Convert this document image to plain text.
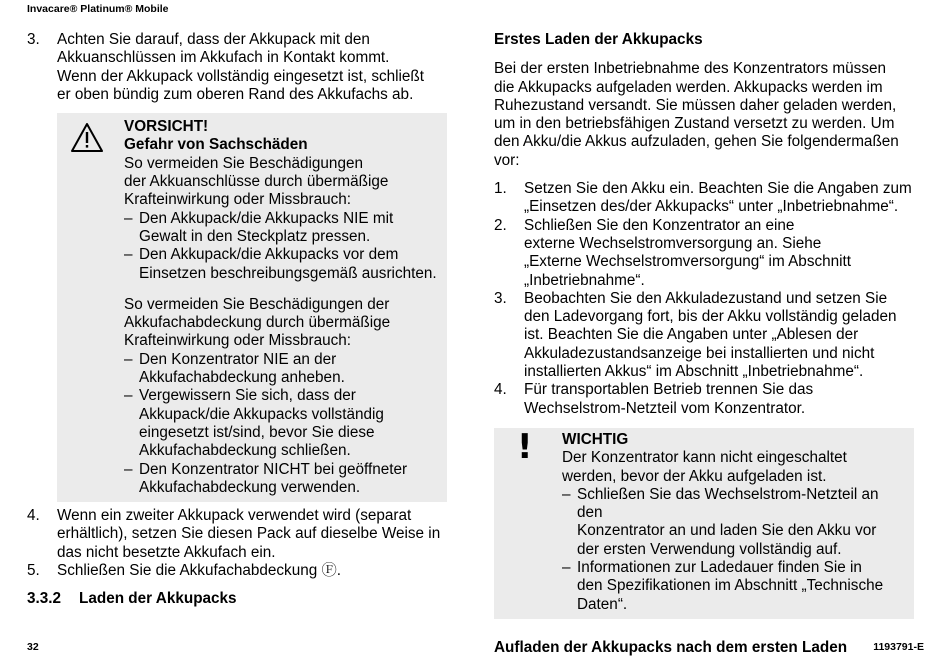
Invacare® Platinum® Mobile
3. Achten Sie darauf, dass der Akkupack mit den
Akkuanschlüssen im Akkufach in Kontakt kommt.
Wenn der Akkupack vollständig eingesetzt ist, schließt
er oben bündig zum oberen Rand des Akkufachs ab.
VORSICHT!
Gefahr von Sachschäden
So vermeiden Sie Beschädigungen
der Akkuanschlüsse durch übermäßige
Krafteinwirkung oder Missbrauch:
– Den Akkupack/die Akkupacks NIE mit
Gewalt in den Steckplatz pressen.
– Den Akkupack/die Akkupacks vor dem
Einsetzen beschreibungsgemäß ausrichten.
So vermeiden Sie Beschädigungen der
Akkufachabdeckung durch übermäßige
Krafteinwirkung oder Missbrauch:
– Den Konzentrator NIE an der
Akkufachabdeckung anheben.
– Vergewissern Sie sich, dass der
Akkupack/die Akkupacks vollständig
eingesetzt ist/sind, bevor Sie diese
Akkufachabdeckung schließen.
– Den Konzentrator NICHT bei geöffneter
Akkufachabdeckung verwenden.
4. Wenn ein zweiter Akkupack verwendet wird (separat
erhältlich), setzen Sie diesen Pack auf dieselbe Weise in
das nicht besetzte Akkufach ein.
5. Schließen Sie die Akkufachabdeckung Ⓕ.
3.3.2 Laden der Akkupacks
Erstes Laden der Akkupacks
Bei der ersten Inbetriebnahme des Konzentrators müssen
die Akkupacks aufgeladen werden. Akkupacks werden im
Ruhezustand versandt. Sie müssen daher geladen werden,
um in den betriebsfähigen Zustand versetzt zu werden. Um
den Akku/die Akkus aufzuladen, gehen Sie folgendermaßen
vor:
1. Setzen Sie den Akku ein. Beachten Sie die Angaben zum
„Einsetzen des/der Akkupacks“ unter „Inbetriebnahme“.
2. Schließen Sie den Konzentrator an eine
externe Wechselstromversorgung an. Siehe
„Externe Wechselstromversorgung“ im Abschnitt
„Inbetriebnahme“.
3. Beobachten Sie den Akkuladezustand und setzen Sie
den Ladevorgang fort, bis der Akku vollständig geladen
ist. Beachten Sie die Angaben unter „Ablesen der
Akkuladezustandsanzeige bei installierten und nicht
installierten Akkus“ im Abschnitt „Inbetriebnahme“.
4. Für transportablen Betrieb trennen Sie das
Wechselstrom-Netzteil vom Konzentrator.
! WICHTIG
Der Konzentrator kann nicht eingeschaltet
werden, bevor der Akku aufgeladen ist.
– Schließen Sie das Wechselstrom-Netzteil an den
Konzentrator an und laden Sie den Akku vor
der ersten Verwendung vollständig auf.
– Informationen zur Ladedauer finden Sie in
den Spezifikationen im Abschnitt „Technische
Daten“.
Aufladen der Akkupacks nach dem ersten Laden
32	1193791-E
